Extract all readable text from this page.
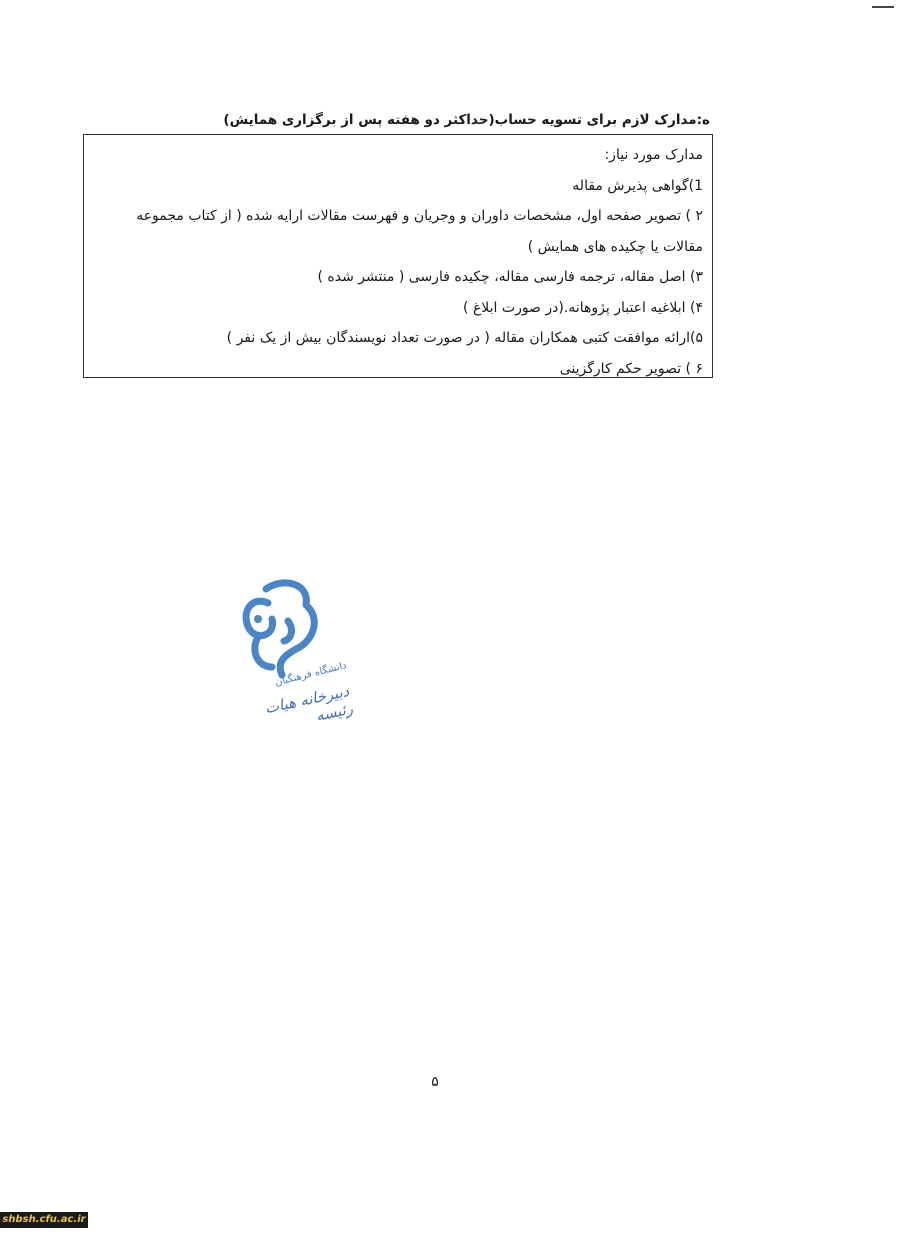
ه:مدارک لازم برای تسویه حساب(حداکثر دو هفته پس از برگزاری همایش)

مدارک مورد نیاز:

1)گواهی پذیرش مقاله

۲ ) تصویر صفحه اول، مشخصات داوران و وجریان و فهرست مقالات ارایه شده ( از کتاب مجموعه مقالات یا چکیده های همایش )

۳) اصل مقاله، ترجمه فارسی مقاله، چکیده فارسی ( منتشر شده )

۴) ابلاغیه اعتبار پژوهانه.(در صورت ابلاغ )

۵)ارائه موافقت کتبی همکاران مقاله ( در صورت تعداد نویسندگان بیش از یک نفر )

۶ ) تصویر حکم کارگزینی

دانشگاه فرهنگیان
دبیرخانه هیات رئیسه
۵
shbsh.cfu.ac.ir
